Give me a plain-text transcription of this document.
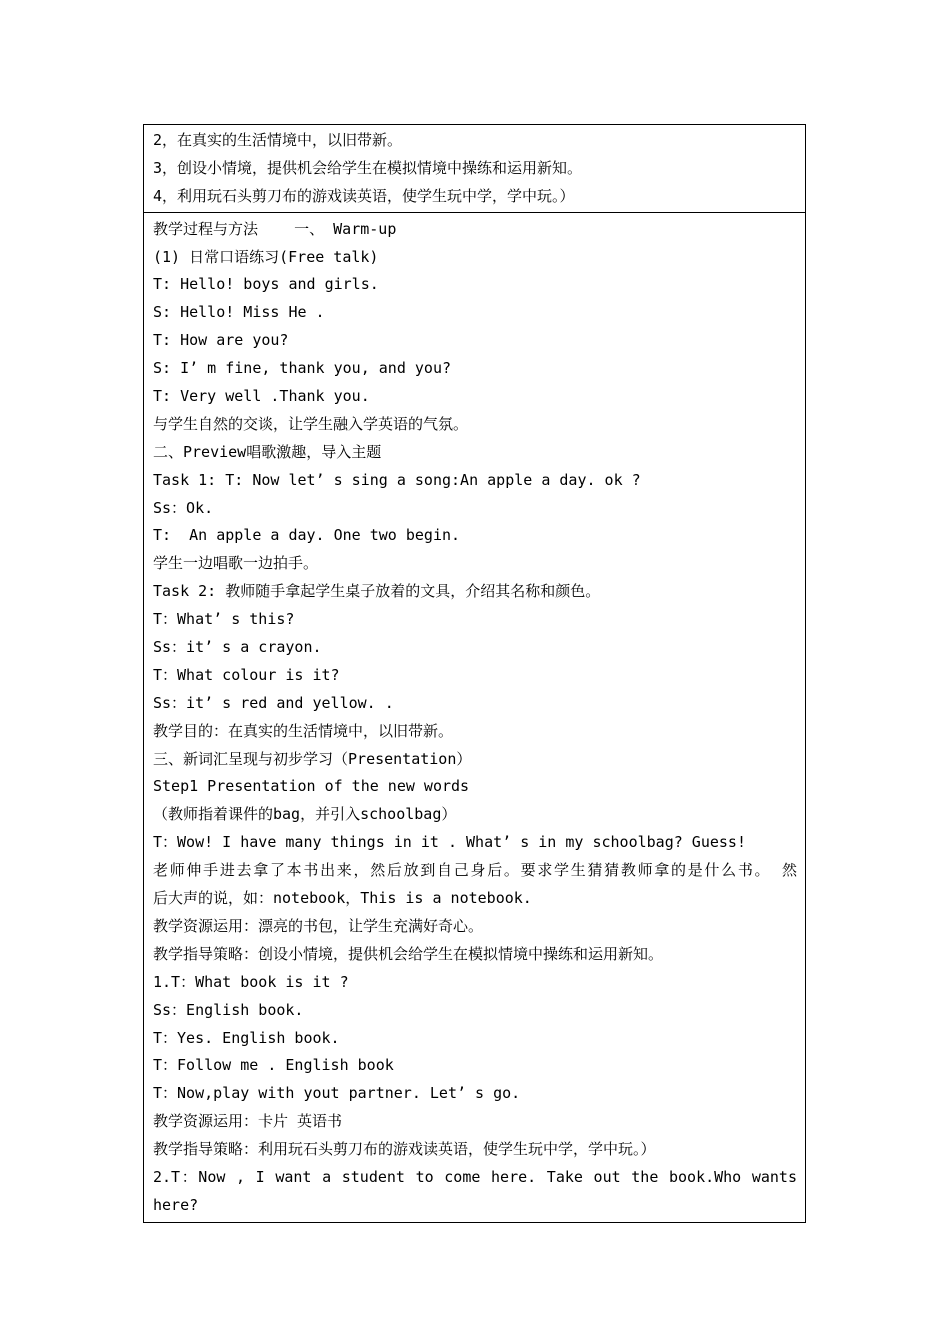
2，在真实的生活情境中，以旧带新。
3，创设小情境，提供机会给学生在模拟情境中操练和运用新知。
4，利用玩石头剪刀布的游戏读英语，使学生玩中学，学中玩。）
教学过程与方法    一、 Warm-up
(1) 日常口语练习(Free talk)
T: Hello! boys and girls.
S: Hello! Miss He .
T: How are you?
S: I’ m fine, thank you, and you?
T: Very well .Thank you.
与学生自然的交谈，让学生融入学英语的气氛。
二、Preview唱歌激趣，导入主题
Task 1: T: Now let’ s sing a song:An apple a day. ok ?
Ss：Ok.
T:  An apple a day. One two begin.
学生一边唱歌一边拍手。
Task 2: 教师随手拿起学生桌子放着的文具，介绍其名称和颜色。
T：What’ s this?
Ss：it’ s a crayon.
T：What colour is it?
Ss：it’ s red and yellow. .
教学目的：在真实的生活情境中，以旧带新。
三、新词汇呈现与初步学习（Presentation）
Step1 Presentation of the new words
（教师指着课件的bag，并引入schoolbag）
T：Wow! I have many things in it . What’ s in my schoolbag? Guess!
老师伸手进去拿了本书出来，然后放到自己身后。要求学生猜猜教师拿的是什么书。 然
后大声的说，如：notebook，This is a notebook.
教学资源运用：漂亮的书包，让学生充满好奇心。
教学指导策略：创设小情境，提供机会给学生在模拟情境中操练和运用新知。
1.T：What book is it ?
Ss：English book.
T：Yes. English book.
T：Follow me . English book
T：Now,play with yout partner. Let’ s go.
教学资源运用：卡片 英语书
教学指导策略：利用玩石头剪刀布的游戏读英语，使学生玩中学，学中玩。）
2.T：Now , I want a student to come here. Take out the book.Who wants
here?
